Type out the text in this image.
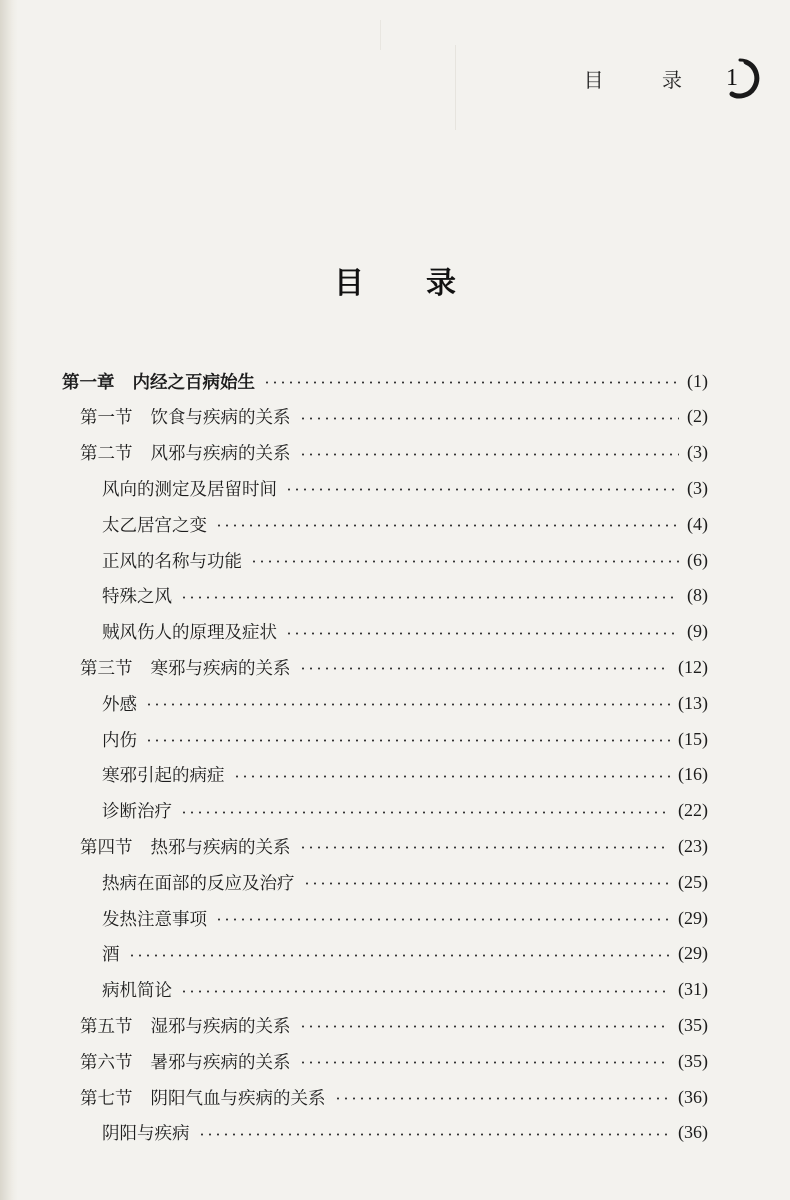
目 录 1
目录
第一章 内经之百病始生	(1)
第一节 饮食与疾病的关系	(2)
第二节 风邪与疾病的关系	(3)
风向的测定及居留时间	(3)
太乙居宫之变	(4)
正风的名称与功能	(6)
特殊之风	(8)
贼风伤人的原理及症状	(9)
第三节 寒邪与疾病的关系	(12)
外感	(13)
内伤	(15)
寒邪引起的病症	(16)
诊断治疗	(22)
第四节 热邪与疾病的关系	(23)
热病在面部的反应及治疗	(25)
发热注意事项	(29)
酒	(29)
病机简论	(31)
第五节 湿邪与疾病的关系	(35)
第六节 暑邪与疾病的关系	(35)
第七节 阴阳气血与疾病的关系	(36)
阴阳与疾病	(36)
